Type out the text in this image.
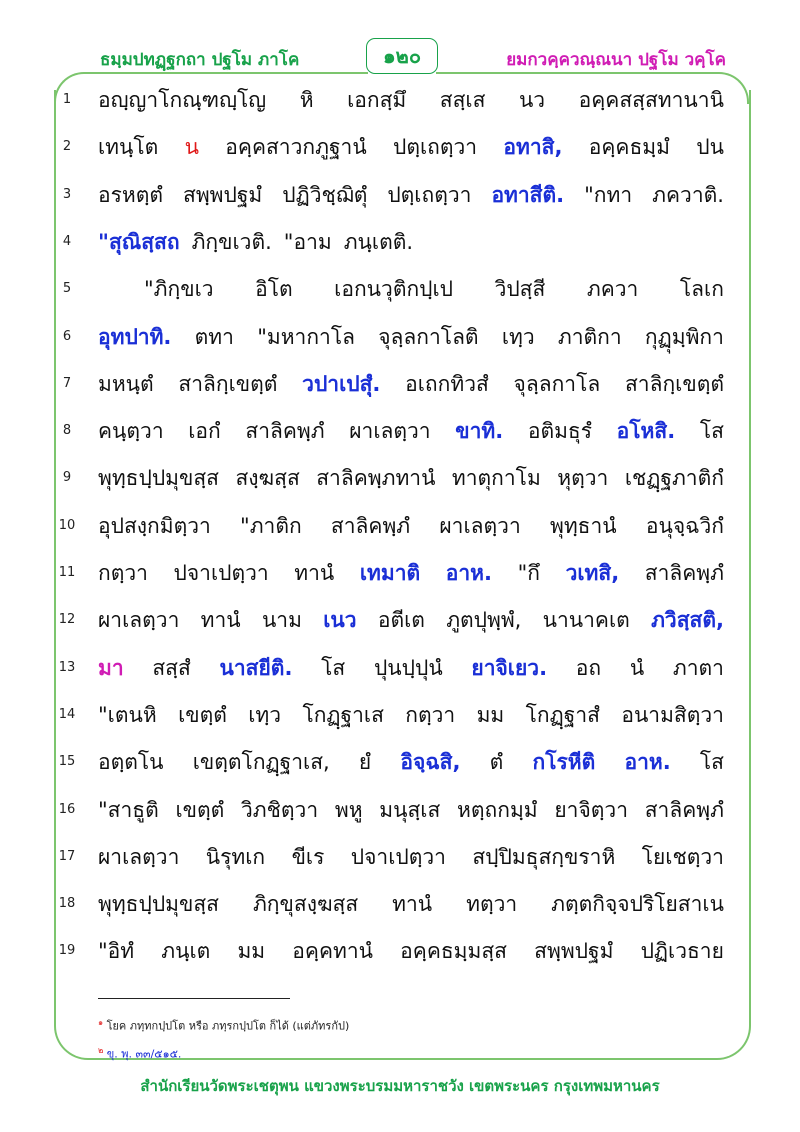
ธมฺมปทฏฺฐกถา ปฐโม ภาโค	๑๒๐	ยมกวคฺควณฺณนา ปฐโม วคฺโค
1	อญฺญาโกณฺฑญฺโญ หิ เอกสฺมึ สสฺเส นว อคฺคสสฺสทานานิ
2	เทนฺโต น อคฺคสาวกภูฐานํ ปตฺเถตฺวา อทาสิ, อคฺคธมฺมํ ปน
3	อรหตฺตํ สพฺพปฐมํ ปฏิวิชฺฌิตุํ ปตฺเถตฺวา อทาสีติ. "กทา ภควาติ.
4	"สุณิสฺสถ ภิกฺขเวติ. "อาม ภนฺเตติ.
5	"ภิกฺขเว อิโต เอกนวุติกปฺเป วิปสฺสี ภควา โลเก
6	อุทปาทิ. ตทา "มหากาโล จุลฺลกาโลติ เทฺว ภาติกา กุฏุมฺพิกา
7	มหนฺตํ สาลิกฺเขตฺตํ วปาเปสุํ. อเถกทิวสํ จุลฺลกาโล สาลิกฺเขตฺตํ
8	คนฺตฺวา เอกํ สาลิคพฺภํ ผาเลตฺวา ขาทิ. อติมธุรํ อโหสิ. โส
9	พุทฺธปฺปมุขสฺส สงฺฆสฺส สาลิคพฺภทานํ ทาตุกาโม หุตฺวา เชฏฺฐภาติกํ
10	อุปสงฺกมิตฺวา "ภาติก สาลิคพฺภํ ผาเลตฺวา พุทฺธานํ อนุจฺฉวิกํ
11	กตฺวา ปจาเปตฺวา ทานํ เทมาติ อาห. "กึ วเทสิ, สาลิคพฺภํ
12	ผาเลตฺวา ทานํ นาม เนว อตีเต ภูตปุพฺพํ, นานาคเต ภวิสฺสติ,
13	มา สสฺสํ นาสยีติ. โส ปุนปฺปุนํ ยาจิเยว. อถ นํ ภาตา
14	"เตนหิ เขตฺตํ เทฺว โกฏฺฐาเส กตฺวา มม โกฏฺฐาสํ อนามสิตฺวา
15	อตฺตโน เขตฺตโกฏฺฐาเส, ยํ อิจฺฉสิ, ตํ กโรหีติ อาห. โส
16	"สาธูติ เขตฺตํ วิภชิตฺวา พหู มนุสฺเส หตฺถกมฺมํ ยาจิตฺวา สาลิคพฺภํ
17	ผาเลตฺวา นิรุทเก ขีเร ปจาเปตฺวา สปฺปิมธุสกฺขราหิ โยเชตฺวา
18	พุทฺธปฺปมุขสฺส ภิกฺขุสงฺฆสฺส ทานํ ทตฺวา ภตฺตกิจฺจปริโยสาเน
19	"อิทํ ภนฺเต มม อคฺคทานํ อคฺคธมฺมสฺส สพฺพปฐมํ ปฏิเวธาย
$^๑$ โยค ภทฺทกปฺปโต หรือ ภทฺรกปฺปโต ก็ได้ (แต่ภัทรกัป)
$^๒$ ขุ. พุ. ๓๓/๕๑๕.
สำนักเรียนวัดพระเชตุพน แขวงพระบรมมหาราชวัง เขตพระนคร กรุงเทพมหานคร
